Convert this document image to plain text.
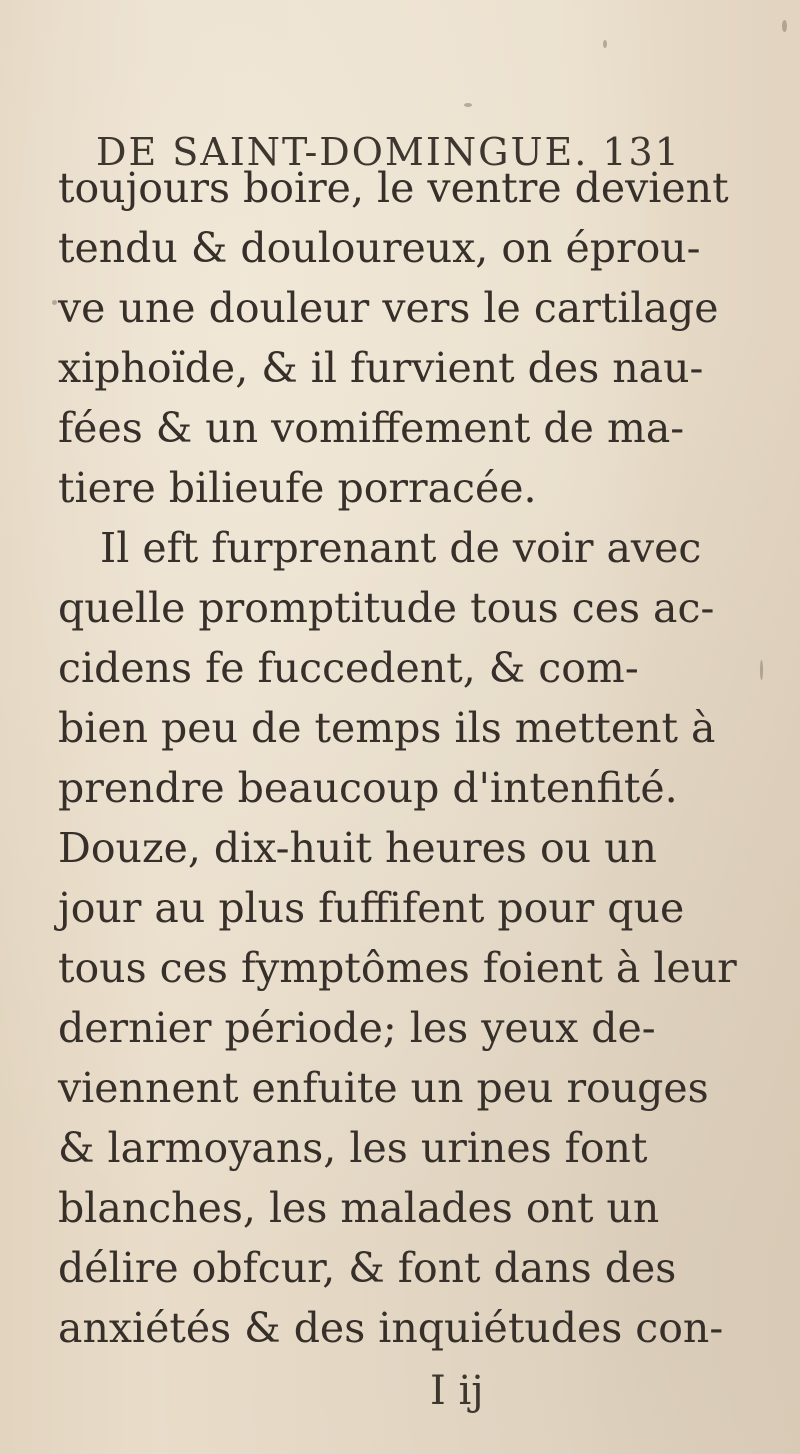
DE SAINT-DOMINGUE. 131
toujours boire, le ventre devient
tendu & douloureux, on éprou-
ve une douleur vers le cartilage
xiphoïde, & il furvient des nau-
fées & un vomiffement de ma-
tiere bilieufe porracée.
Il eft furprenant de voir avec
quelle promptitude tous ces ac-
cidens fe fuccedent, & com-
bien peu de temps ils mettent à
prendre beaucoup d'intenfité.
Douze, dix-huit heures ou un
jour au plus fuffifent pour que
tous ces fymptômes foient à leur
dernier période; les yeux de-
viennent enfuite un peu rouges
& larmoyans, les urines font
blanches, les malades ont un
délire obfcur, & font dans des
anxiétés & des inquiétudes con-
I ij
